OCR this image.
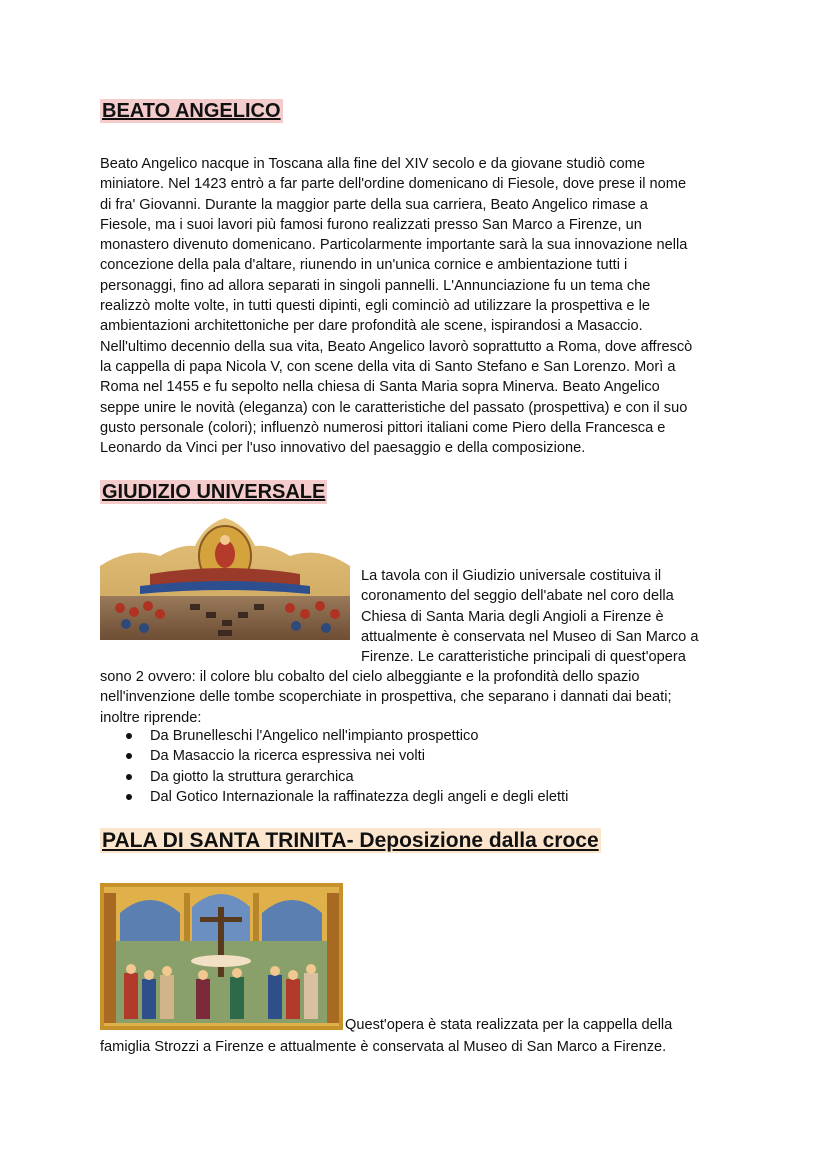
BEATO ANGELICO
Beato Angelico nacque in Toscana alla fine del XIV secolo e da giovane studiò come
miniatore. Nel 1423 entrò a far parte dell'ordine domenicano di Fiesole, dove prese il nome
di fra' Giovanni. Durante la maggior parte della sua carriera, Beato Angelico rimase a
Fiesole, ma i suoi lavori più famosi furono realizzati presso San Marco a Firenze, un
monastero divenuto domenicano. Particolarmente importante sarà la sua innovazione nella
concezione della pala d'altare, riunendo in un'unica cornice e ambientazione tutti i
personaggi, fino ad allora separati in singoli pannelli. L'Annunciazione fu un tema che
realizzò molte volte, in tutti questi dipinti, egli cominciò ad utilizzare la prospettiva e le
ambientazioni architettoniche per dare profondità ale scene, ispirandosi a Masaccio.
Nell'ultimo decennio della sua vita, Beato Angelico lavorò soprattutto a Roma, dove affrescò
la cappella di papa Nicola V, con scene della vita di Santo Stefano e San Lorenzo. Morì a
Roma nel 1455 e fu sepolto nella chiesa di Santa Maria sopra Minerva. Beato Angelico
seppe unire le novità (eleganza) con le caratteristiche del passato (prospettiva) e con il suo
gusto personale (colori); influenzò numerosi pittori italiani come Piero della Francesca e
Leonardo da Vinci per l'uso innovativo del paesaggio e della composizione.
GIUDIZIO UNIVERSALE
La tavola con il Giudizio universale costituiva il
coronamento del seggio dell'abate nel coro della
Chiesa di Santa Maria degli Angioli a Firenze è
attualmente è conservata nel Museo di San Marco a
Firenze. Le caratteristiche principali di quest'opera
sono 2 ovvero: il colore blu cobalto del cielo albeggiante e la profondità dello spazio
nell'invenzione delle tombe scoperchiate in prospettiva, che separano i dannati dai beati;
inoltre riprende:
Da Brunelleschi l'Angelico nell'impianto prospettico
Da Masaccio la ricerca espressiva nei volti
Da giotto la struttura gerarchica
Dal Gotico Internazionale la raffinatezza degli angeli e degli eletti
PALA DI SANTA TRINITA- Deposizione dalla croce
Quest'opera è stata realizzata per la cappella della
famiglia Strozzi a Firenze e attualmente è conservata al Museo di San Marco a Firenze.
